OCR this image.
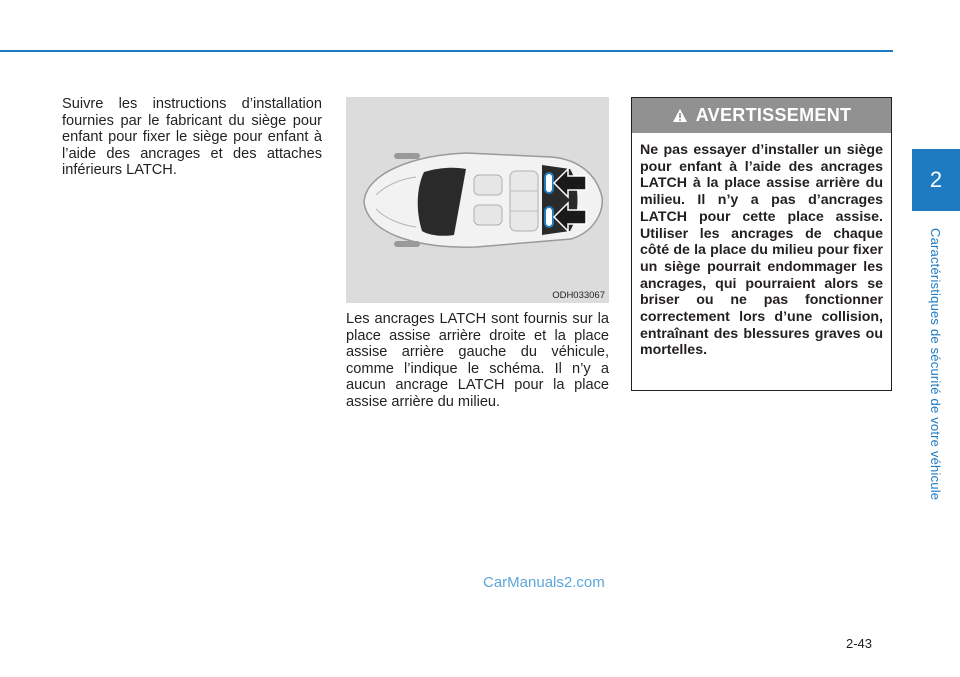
2
Caractéristiques de sécurité de votre véhicule
Suivre les instructions d’installation fournies par le fabricant du siège pour enfant pour fixer le siège pour enfant à l’aide des ancrages et des attaches inférieurs LATCH.
ODH033067
Les ancrages LATCH sont fournis sur la place assise arrière droite et la place assise arrière gauche du véhicule, comme l’indique le schéma. Il n’y a aucun ancrage LATCH pour la place assise arrière du milieu.
AVERTISSEMENT
Ne pas essayer d’installer un siège pour enfant à l’aide des ancrages LATCH à la place assise arrière du milieu. Il n’y a pas d’ancrages LATCH pour cette place assise. Utiliser les ancrages de chaque côté de la place du milieu pour fixer un siège pourrait endommager les ancrages, qui pourraient alors se briser ou ne pas fonctionner correctement lors d’une collision, entraînant des blessures graves ou mortelles.
CarManuals2.com
2-43
